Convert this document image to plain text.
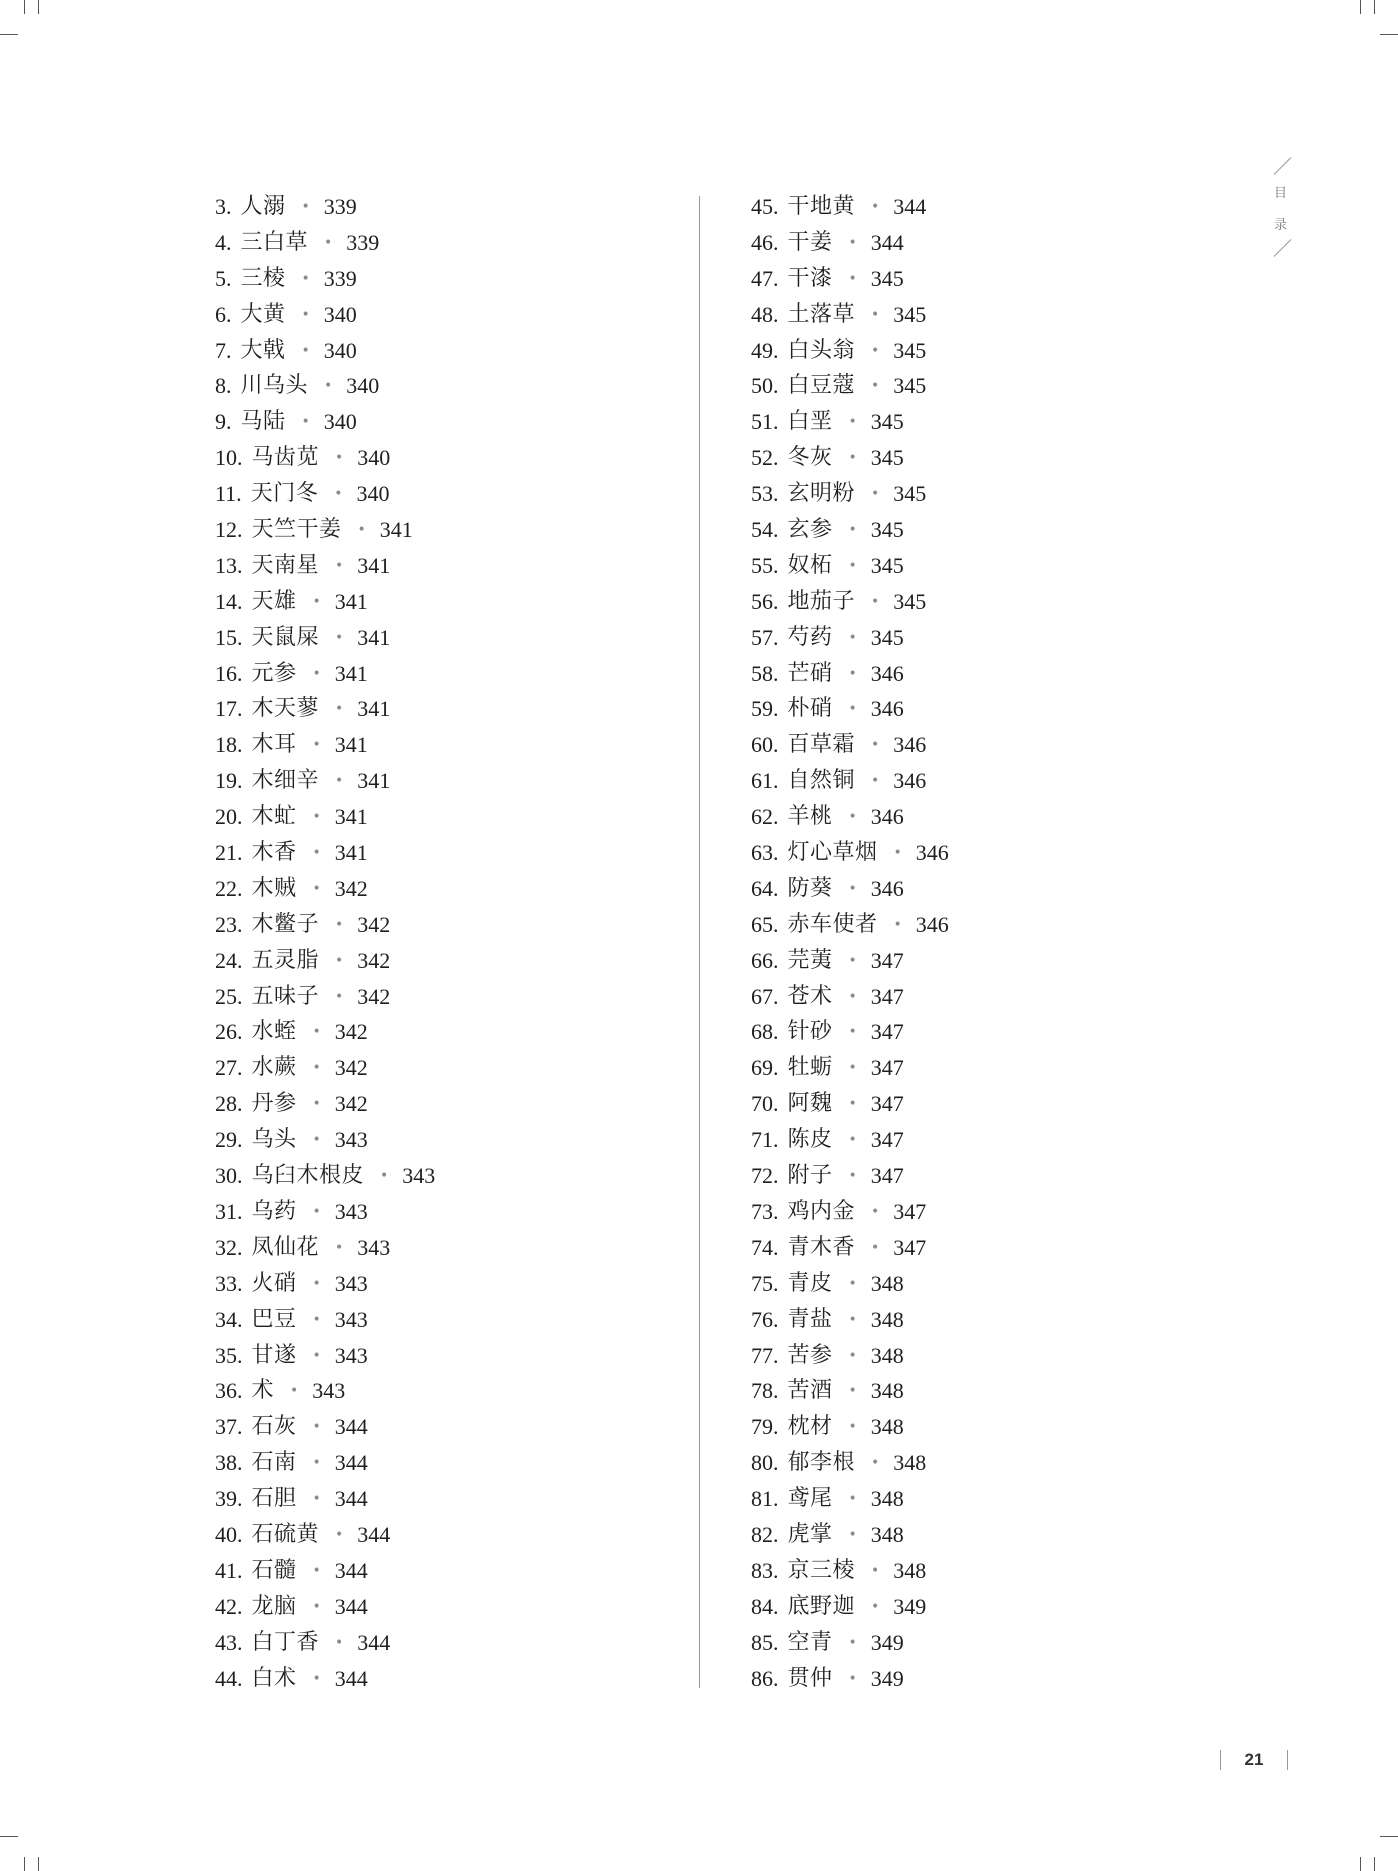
目
录
3. 人溺 • 339
4. 三白草 • 339
5. 三棱 • 339
6. 大黄 • 340
7. 大戟 • 340
8. 川乌头 • 340
9. 马陆 • 340
10. 马齿苋 • 340
11. 天门冬 • 340
12. 天竺干姜 • 341
13. 天南星 • 341
14. 天雄 • 341
15. 天鼠屎 • 341
16. 元参 • 341
17. 木天蓼 • 341
18. 木耳 • 341
19. 木细辛 • 341
20. 木虻 • 341
21. 木香 • 341
22. 木贼 • 342
23. 木鳖子 • 342
24. 五灵脂 • 342
25. 五味子 • 342
26. 水蛭 • 342
27. 水蕨 • 342
28. 丹参 • 342
29. 乌头 • 343
30. 乌臼木根皮 • 343
31. 乌药 • 343
32. 凤仙花 • 343
33. 火硝 • 343
34. 巴豆 • 343
35. 甘遂 • 343
36. 术 • 343
37. 石灰 • 344
38. 石南 • 344
39. 石胆 • 344
40. 石硫黄 • 344
41. 石髓 • 344
42. 龙脑 • 344
43. 白丁香 • 344
44. 白术 • 344
45. 干地黄 • 344
46. 干姜 • 344
47. 干漆 • 345
48. 土落草 • 345
49. 白头翁 • 345
50. 白豆蔻 • 345
51. 白垩 • 345
52. 冬灰 • 345
53. 玄明粉 • 345
54. 玄参 • 345
55. 奴柘 • 345
56. 地茄子 • 345
57. 芍药 • 345
58. 芒硝 • 346
59. 朴硝 • 346
60. 百草霜 • 346
61. 自然铜 • 346
62. 羊桃 • 346
63. 灯心草烟 • 346
64. 防葵 • 346
65. 赤车使者 • 346
66. 芫荑 • 347
67. 苍术 • 347
68. 针砂 • 347
69. 牡蛎 • 347
70. 阿魏 • 347
71. 陈皮 • 347
72. 附子 • 347
73. 鸡内金 • 347
74. 青木香 • 347
75. 青皮 • 348
76. 青盐 • 348
77. 苦参 • 348
78. 苦酒 • 348
79. 枕材 • 348
80. 郁李根 • 348
81. 鸢尾 • 348
82. 虎掌 • 348
83. 京三棱 • 348
84. 底野迦 • 349
85. 空青 • 349
86. 贯仲 • 349
21
